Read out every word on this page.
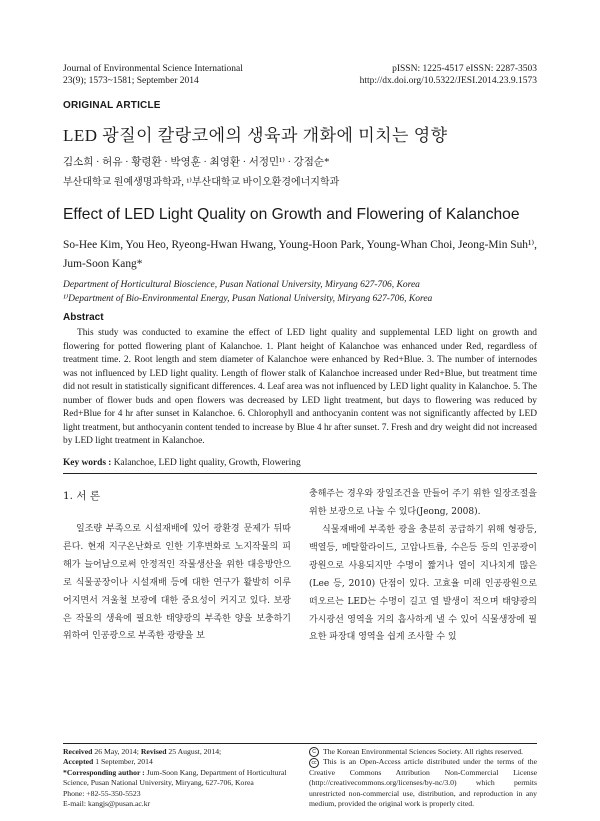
Journal of Environmental Science International
23(9); 1573~1581; September 2014
pISSN: 1225-4517 eISSN: 2287-3503
http://dx.doi.org/10.5322/JESI.2014.23.9.1573
ORIGINAL ARTICLE
LED 광질이 칼랑코에의 생육과 개화에 미치는 영향
김소희 · 허유 · 황령환 · 박영훈 · 최영환 · 서정민¹⁾ · 강점순*
부산대학교 원예생명과학과, ¹⁾부산대학교 바이오환경에너지학과
Effect of LED Light Quality on Growth and Flowering of Kalanchoe
So-Hee Kim, You Heo, Ryeong-Hwan Hwang, Young-Hoon Park, Young-Whan Choi, Jeong-Min Suh¹⁾, Jum-Soon Kang*
Department of Horticultural Bioscience, Pusan National University, Miryang 627-706, Korea
¹⁾Department of Bio-Environmental Energy, Pusan National University, Miryang 627-706, Korea
Abstract
This study was conducted to examine the effect of LED light quality and supplemental LED light on growth and flowering for potted flowering plant of Kalanchoe. 1. Plant height of Kalanchoe was enhanced under Red, regardless of treatment time. 2. Root length and stem diameter of Kalanchoe were enhanced by Red+Blue. 3. The number of internodes was not influenced by LED light quality. Length of flower stalk of Kalanchoe increased under Red+Blue, but treatment time did not result in statistically significant differences. 4. Leaf area was not influenced by LED light quality in Kalanchoe. 5. The number of flower buds and open flowers was decreased by LED light treatment, but days to flowering was reduced by Red+Blue for 4 hr after sunset in Kalanchoe. 6. Chlorophyll and anthocyanin content was not significantly affected by LED light treatment, but anthocyanin content tended to increase by Blue 4 hr after sunset. 7. Fresh and dry weight did not increased by LED light treatment in Kalanchoe.
Key words : Kalanchoe, LED light quality, Growth, Flowering
1. 서 론
일조량 부족으로 시설재배에 있어 광환경 문제가 뒤따른다. 현재 지구온난화로 인한 기후변화로 노지작물의 피해가 늘어남으로써 안정적인 작물생산을 위한 대응방안으로 식물공장이나 시설재배 등에 대한 연구가 활발히 이루어지면서 겨울철 보광에 대한 중요성이 커지고 있다. 보광은 작물의 생육에 필요한 태양광의 부족한 양을 보충하기 위하여 인공광으로 부족한 광량을 보
충해주는 경우와 장일조건을 만들어 주기 위한 일장조절을 위한 보광으로 나눌 수 있다(Jeong, 2008).
식물재배에 부족한 광을 충분히 공급하기 위해 형광등, 백열등, 메탈할라이드, 고압나트륨, 수은등 등의 인공광이 광원으로 사용되지만 수명이 짧거나 열이 지나치게 많은(Lee 등, 2010) 단점이 있다. 고효율 미래 인공광원으로 떠오르는 LED는 수명이 길고 열 발생이 적으며 태양광의 가시광선 영역을 거의 흡사하게 낼 수 있어 식물생장에 필요한 파장대 영역을 쉽게 조사할 수 있
Received 26 May, 2014; Revised 25 August, 2014;
Accepted 1 September, 2014
*Corresponding author : Jum-Soon Kang, Department of Horticultural Science, Pusan National University, Miryang, 627-706, Korea
Phone: +82-55-350-5523
E-mail: kangjs@pusan.ac.kr
C The Korean Environmental Sciences Society. All rights reserved.
cc This is an Open-Access article distributed under the terms of the Creative Commons Attribution Non-Commercial License (http://creativecommons.org/licenses/by-nc/3.0) which permits unrestricted non-commercial use, distribution, and reproduction in any medium, provided the original work is properly cited.
